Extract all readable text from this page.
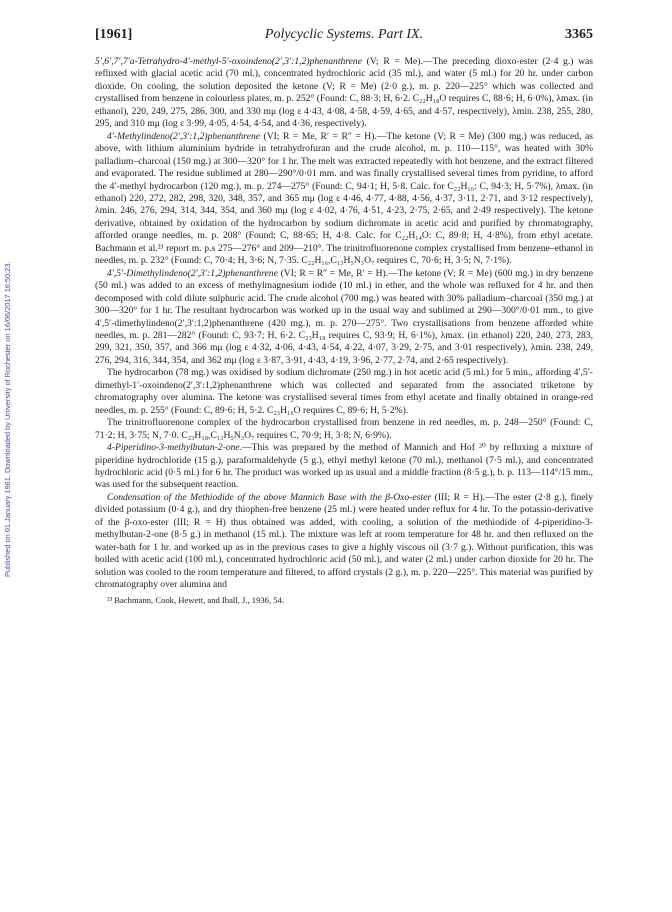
[1961]	Polycyclic Systems. Part IX.	3365
Published on 01 January 1961. Downloaded by University of Rochester on 16/06/2017 16:50:23.

5′,6′,7′,7′a-Tetrahydro-4′-methyl-5′-oxoindeno(2′,3′:1,2)phenanthrene (V; R = Me).—The preceding dioxo-ester (2·4 g.) was refluxed with glacial acetic acid (70 ml.), concentrated hydrochloric acid (35 ml.), and water (5 ml.) for 20 hr. under carbon dioxide. On cooling, the solution deposited the ketone (V; R = Me) (2·0 g.), m. p. 220—225° which was collected and crystallised from benzene in colourless plates, m. p. 252° (Found: C, 88·3; H, 6·2. C₂₂H₁₈O requires C, 88·6; H, 6·0%), λmax. (in ethanol), 220, 249, 275, 286, 300, and 330 mμ (log ε 4·43, 4·08, 4·58, 4·59, 4·65, and 4·57, respectively), λmin. 238, 255, 280, 295, and 310 mμ (log ε 3·99, 4·05, 4·54, 4·54, and 4·36, respectively).

4′-Methylindeno(2′,3′:1,2)phenanthrene (VI; R = Me, R′ = R″ = H).—The ketone (V; R = Me) (300 mg.) was reduced, as above, with lithium aluminium hydride in tetrahydrofuran and the crude alcohol, m. p. 110—115°, was heated with 30% palladium–charcoal (150 mg.) at 300—320° for 1 hr. The melt was extracted repeatedly with hot benzene, and the extract filtered and evaporated. The residue sublimed at 280—290°/0·01 mm. and was finally crystallised several times from pyridine, to afford the 4′-methyl hydrocarbon (120 mg.), m. p. 274—275° (Found: C, 94·1; H, 5·8. Calc. for C₂₂H₁₆: C, 94·3; H, 5·7%), λmax. (in ethanol) 220, 272, 282, 298, 320, 348, 357, and 365 mμ (log ε 4·46, 4·77, 4·88, 4·56, 4·37, 3·11, 2·71, and 3·12 respectively), λmin. 246, 276, 294, 314, 344, 354, and 360 mμ (log ε 4·02, 4·76, 4·51, 4·23, 2·75, 2·65, and 2·49 respectively). The ketone derivative, obtained by oxidation of the hydrocarbon by sodium dichromate in acetic acid and purified by chromatography, afforded orange needles, m. p. 208° (Found: C, 88·65; H, 4·8. Calc. for C₂₂H₁₄O: C, 89·8; H, 4·8%), from ethyl acetate. Bachmann et al.²³ report m. p.s 275—276° and 209—210°. The trinitrofluorenone complex crystallised from benzene–ethanol in needles, m. p. 232° (Found: C, 70·4; H, 3·6; N, 7·35. C₂₂H₁₆,C₁₃H₅N₃O₇ requires C, 70·6; H, 3·5; N, 7·1%).

4′,5′-Dimethylindeno(2′,3′:1,2)phenanthrene (VI; R = R″ = Me, R′ = H).—The ketone (V; R = Me) (600 mg.) in dry benzene (50 ml.) was added to an excess of methylmagnesium iodide (10 ml.) in ether, and the whole was refluxed for 4 hr. and then decomposed with cold dilute sulphuric acid. The crude alcohol (700 mg.) was heated with 30% palladium–charcoal (350 mg.) at 300—320° for 1 hr. The resultant hydrocarbon was worked up in the usual way and sublimed at 290—300°/0·01 mm., to give 4′,5′-dimethylindeno(2′,3′:1,2)phenanthrene (420 mg.), m. p. 270—275°. Two crystallisations from benzene afforded white needles, m. p. 281—282° (Found: C, 93·7; H, 6·2. C₂₃H₁₈ requires C, 93·9; H, 6·1%), λmax. (in ethanol) 220, 240, 273, 283, 299, 321, 350, 357, and 366 mμ (log ε 4·32, 4·06, 4·43, 4·54, 4·22, 4·07, 3·29, 2·75, and 3·01 respectively), λmin. 238, 249, 276, 294, 316, 344, 354, and 362 mμ (log ε 3·87, 3·91, 4·43, 4·19, 3·96, 2·77, 2·74, and 2·65 respectively).

The hydrocarbon (78 mg.) was oxidised by sodium dichromate (250 mg.) in hot acetic acid (5 ml.) for 5 min., affording 4′,5′-dimethyl-1′-oxoindeno(2′,3′:1,2)phenanthrene which was collected and separated from the associated triketone by chromatography over alumina. The ketone was crystallised several times from ethyl acetate and finally obtained in orange-red needles, m. p. 255° (Found: C, 89·6; H, 5·2. C₂₃H₁₆O requires C, 89·6; H, 5·2%).

The trinitrofluorenone complex of the hydrocarbon crystallised from benzene in red needles, m. p. 248—250° (Found: C, 71·2; H, 3·75; N, 7·0. C₂₃H₁₈,C₁₃H₅N₃O₇ requires C, 70·9; H, 3·8; N, 6·9%).

4-Piperidino-3-methylbutan-2-one.—This was prepared by the method of Mannich and Hof ²⁰ by refluxing a mixture of piperidine hydrochloride (15 g.), paraformaldehyde (5 g.), ethyl methyl ketone (70 ml.), methanol (7·5 ml.), and concentrated hydrochloric acid (0·5 ml.) for 6 hr. The product was worked up as usual and a middle fraction (8·5 g.), b. p. 113—114°/15 mm., was used for the subsequent reaction.

Condensation of the Methiodide of the above Mannich Base with the β-Oxo-ester (III; R = H).—The ester (2·8 g.), finely divided potassium (0·4 g.), and dry thiophen-free benzene (25 ml.) were heated under reflux for 4 hr. To the potassio-derivative of the β-oxo-ester (III; R = H) thus obtained was added, with cooling, a solution of the methiodide of 4-piperidino-3-methylbutan-2-one (8·5 g.) in methanol (15 ml.). The mixture was left at room temperature for 48 hr. and then refluxed on the water-bath for 1 hr. and worked up as in the previous cases to give a highly viscous oil (3·7 g.). Without purification, this was boiled with acetic acid (100 ml.), concentrated hydrochloric acid (50 ml.), and water (2 ml.) under carbon dioxide for 20 hr. The solution was cooled to the room temperature and filtered, to afford crystals (2 g.), m. p. 220—225°. This material was purified by chromatography over alumina and

²³ Bachmann, Cook, Hewett, and Iball, J., 1936, 54.
